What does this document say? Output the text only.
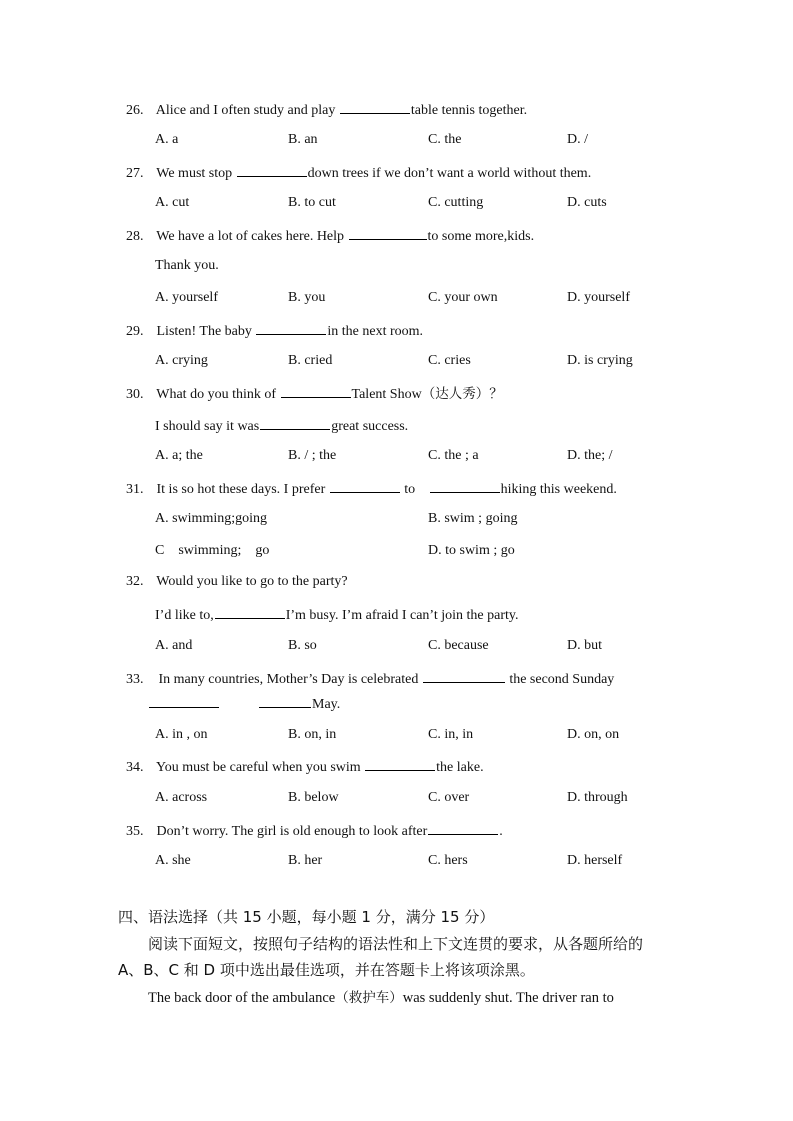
26. Alice and I often study and play	table tennis together.
A. a	B. an	C. the	D. /
27. We must stop	down trees if we don’t want a world without them.
A. cut	B. to cut	C. cutting	D. cuts
28. We have a lot of cakes here. Help	to some more,kids.
Thank you.
A. yourself	B. you	C. your own	D. yourself
29. Listen! The baby	in the next room.
A. crying	B. cried	C. cries	D. is crying
30. What do you think of	Talent Show（达人秀）？
I should say it was	great success.
A. a; the	B. / ; the	C. the ; a	D. the; /
31. It is so hot these days. I prefer	to	hiking this weekend.
A. swimming;going	B. swim ; going
C    swimming;    go	D. to swim ; go
32. Would you like to go to the party?
I’d like to,	I’m busy. I’m afraid I can’t join the party.
A. and	B. so	C. because	D. but
33. In many countries, Mother’s Day is celebrated	the second Sunday
May.
A. in , on	B. on, in	C. in, in	D. on, on
34. You must be careful when you swim	the lake.
A. across	B. below	C. over	D. through
35. Don’t worry. The girl is old enough to look after	.
A. she	B. her	C. hers	D. herself
四、语法选择（共 15 小题，每小题 1 分，满分 15 分）
阅读下面短文，按照句子结构的语法性和上下文连贯的要求，从各题所给的
A、B、C 和 D 项中选出最佳选项，并在答题卡上将该项涂黑。
The back door of the ambulance（救护车）was suddenly shut. The driver ran to
